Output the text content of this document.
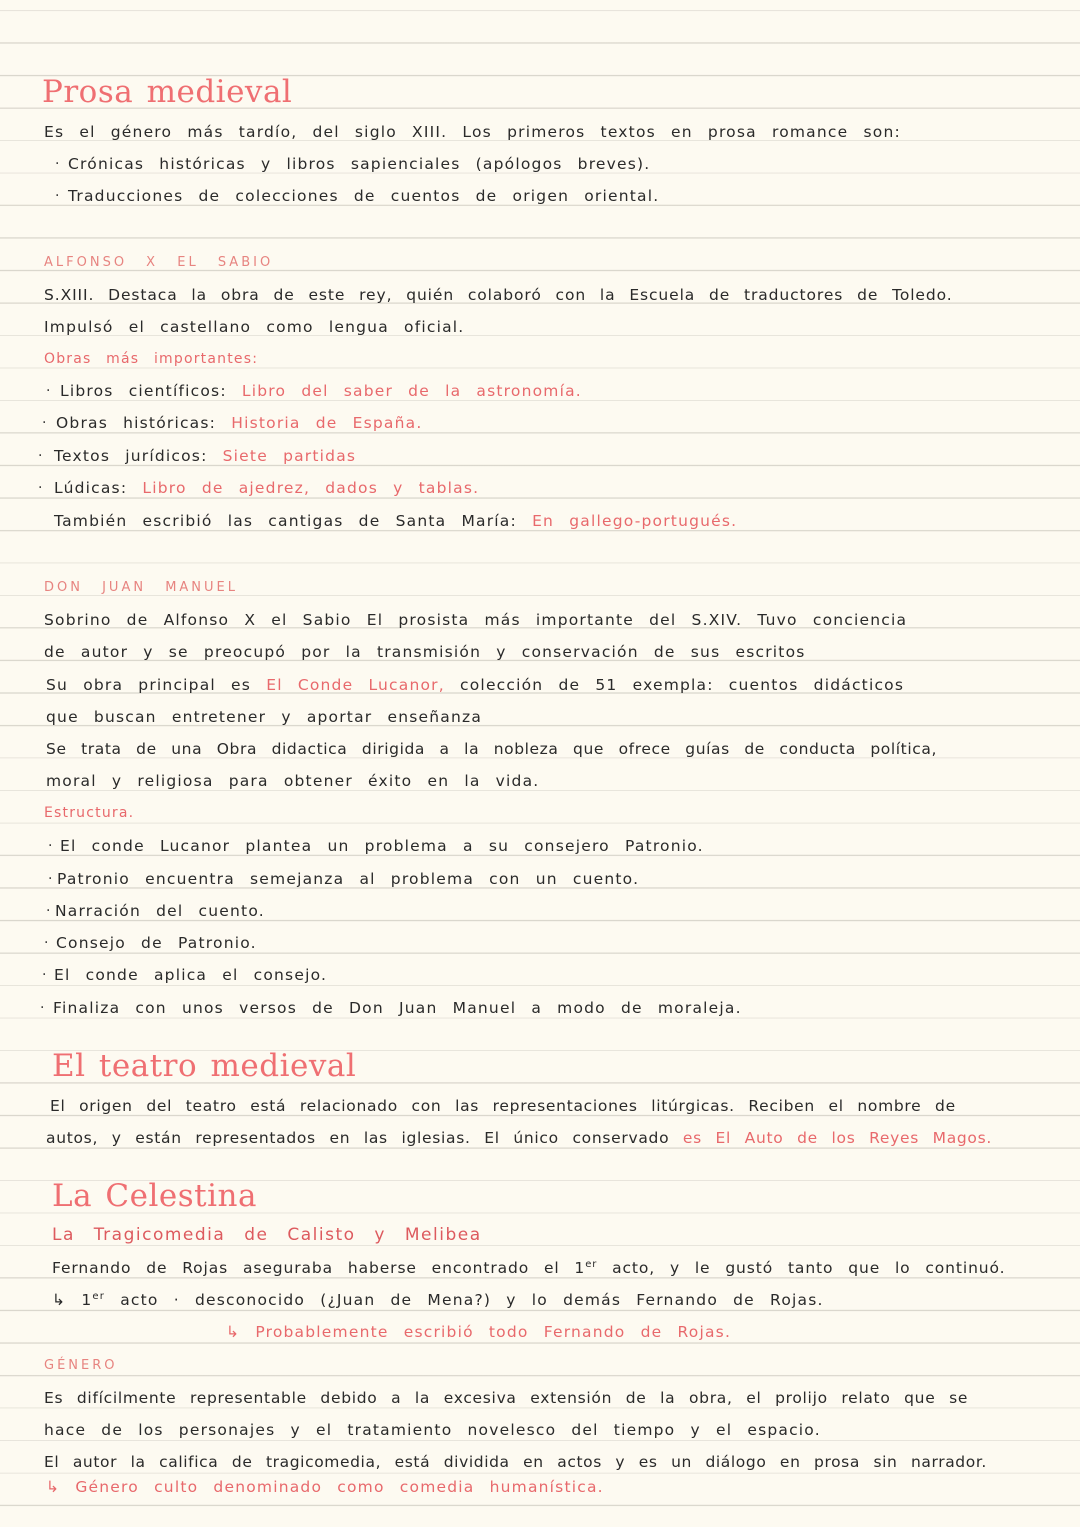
Prosa medieval
Es el género más tardío, del siglo XIII. Los primeros textos en prosa romance son:
· Crónicas históricas y libros sapienciales (apólogos breves).
· Traducciones de colecciones de cuentos de origen oriental.
ALFONSO X EL SABIO
S.XIII. Destaca la obra de este rey, quién colaboró con la Escuela de traductores de Toledo.
Impulsó el castellano como lengua oficial.
Obras más importantes:
· Libros científicos: Libro del saber de la astronomía.
· Obras históricas: Historia de España.
· Textos jurídicos: Siete partidas
· Lúdicas: Libro de ajedrez, dados y tablas.
También escribió las cantigas de Santa María: En gallego-portugués.
DON JUAN MANUEL
Sobrino de Alfonso X el Sabio El prosista más importante del S.XIV. Tuvo conciencia
de autor y se preocupó por la transmisión y conservación de sus escritos
Su obra principal es El Conde Lucanor, colección de 51 exempla: cuentos didácticos
que buscan entretener y aportar enseñanza
Se trata de una Obra didactica dirigida a la nobleza que ofrece guías de conducta política,
moral y religiosa para obtener éxito en la vida.
Estructura.
· El conde Lucanor plantea un problema a su consejero Patronio.
· Patronio encuentra semejanza al problema con un cuento.
· Narración del cuento.
· Consejo de Patronio.
· El conde aplica el consejo.
· Finaliza con unos versos de Don Juan Manuel a modo de moraleja.
El teatro medieval
El origen del teatro está relacionado con las representaciones litúrgicas. Reciben el nombre de
autos, y están representados en las iglesias. El único conservado es El Auto de los Reyes Magos.
La Celestina
La Tragicomedia de Calisto y Melibea
Fernando de Rojas aseguraba haberse encontrado el 1er acto, y le gustó tanto que lo continuó.
↳ 1er acto · desconocido (¿Juan de Mena?) y lo demás Fernando de Rojas.
↳ Probablemente escribió todo Fernando de Rojas.
GÉNERO
Es difícilmente representable debido a la excesiva extensión de la obra, el prolijo relato que se
hace de los personajes y el tratamiento novelesco del tiempo y el espacio.
El autor la califica de tragicomedia, está dividida en actos y es un diálogo en prosa sin narrador.
↳ Género culto denominado como comedia humanística.
